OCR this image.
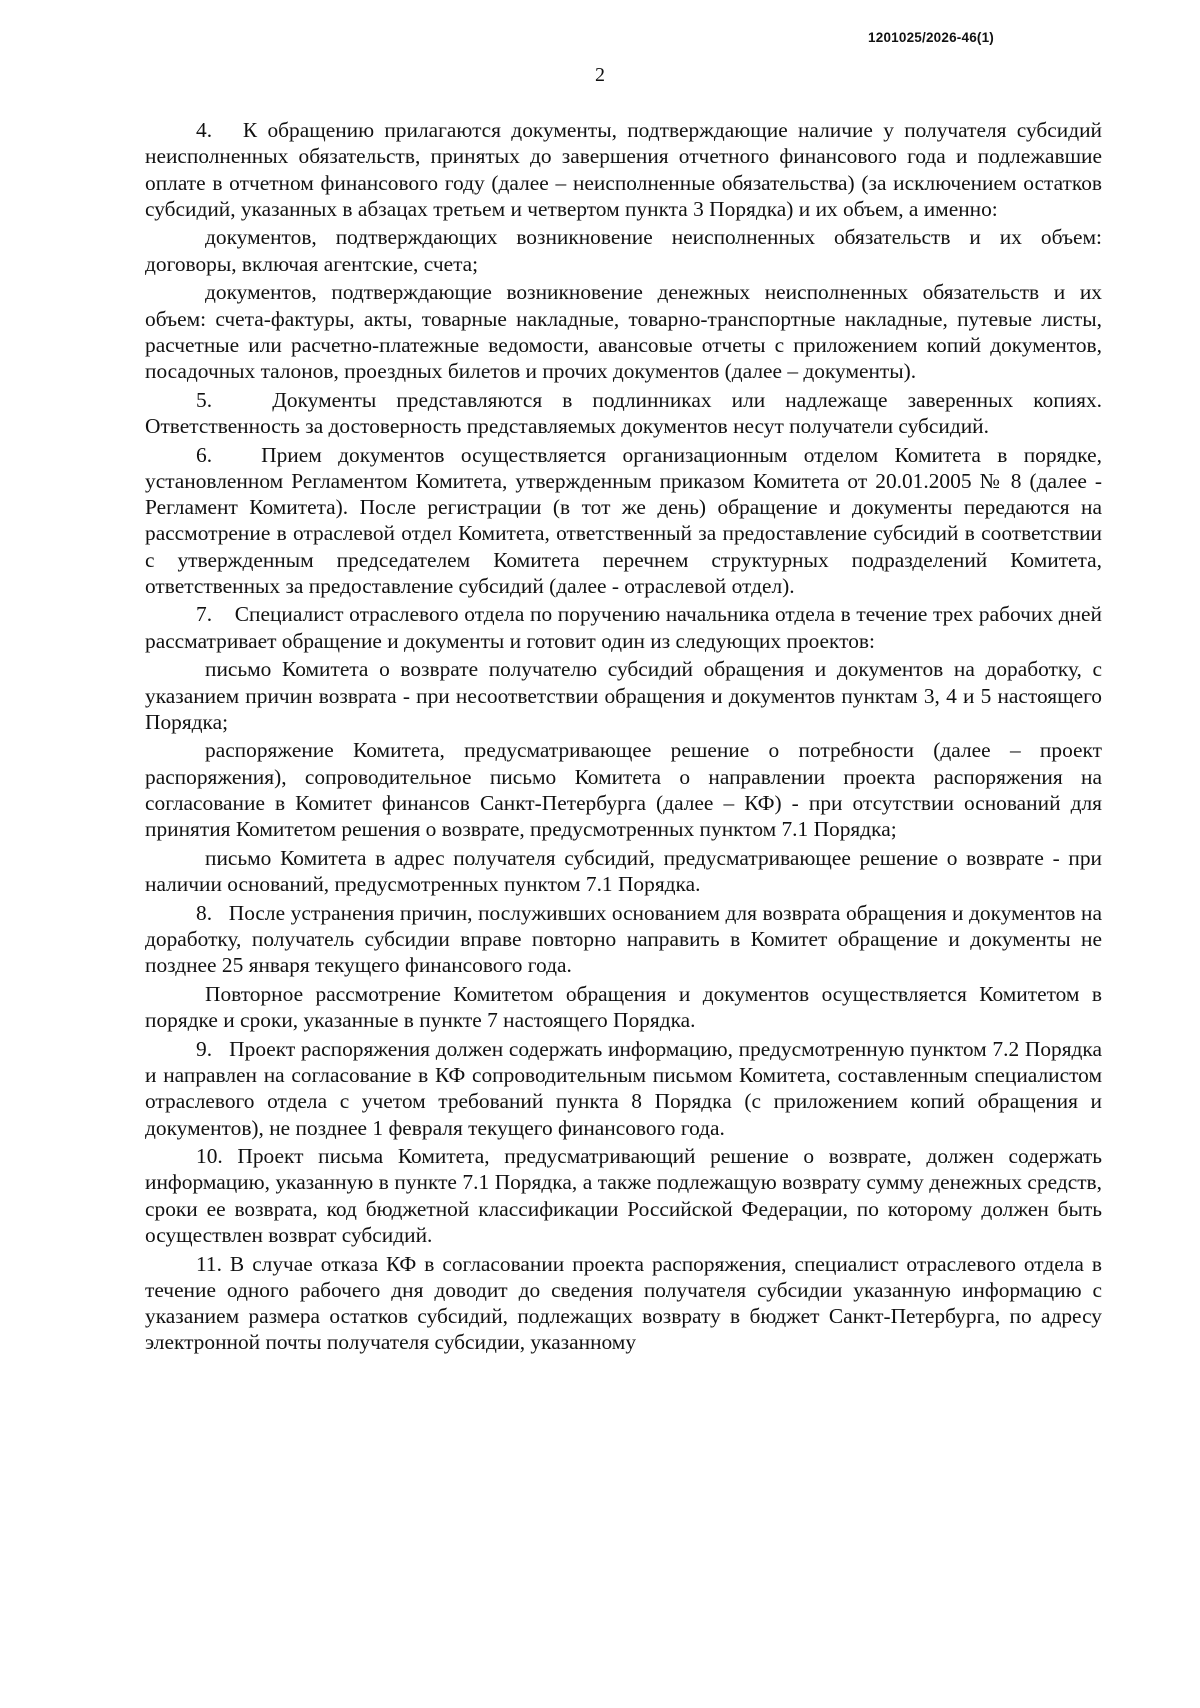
1201025/2026-46(1)
2

4.   К обращению прилагаются документы, подтверждающие наличие у получателя субсидий неисполненных обязательств, принятых до завершения отчетного финансового года и подлежавшие оплате в отчетном финансового году (далее – неисполненные обязательства) (за исключением остатков субсидий, указанных в абзацах третьем и четвертом пункта 3 Порядка) и их объем, а именно:

документов, подтверждающих возникновение неисполненных обязательств и их объем: договоры, включая агентские, счета;

документов, подтверждающие возникновение денежных неисполненных обязательств и их объем: счета-фактуры, акты, товарные накладные, товарно-транспортные накладные, путевые листы, расчетные или расчетно-платежные ведомости, авансовые отчеты с приложением копий документов, посадочных талонов, проездных билетов и прочих документов (далее – документы).

5.   Документы представляются в подлинниках или надлежаще заверенных копиях. Ответственность за достоверность представляемых документов несут получатели субсидий.

6.   Прием документов осуществляется организационным отделом Комитета в порядке, установленном Регламентом Комитета, утвержденным приказом Комитета от 20.01.2005 № 8 (далее - Регламент Комитета). После регистрации (в тот же день) обращение и документы передаются на рассмотрение в отраслевой отдел Комитета, ответственный за предоставление субсидий в соответствии с утвержденным председателем Комитета перечнем структурных подразделений Комитета, ответственных за предоставление субсидий (далее - отраслевой отдел).

7.    Специалист отраслевого отдела по поручению начальника отдела в течение трех рабочих дней рассматривает обращение и документы и готовит один из следующих проектов:

письмо Комитета о возврате получателю субсидий обращения и документов на доработку, с указанием причин возврата - при несоответствии обращения и документов пунктам 3, 4 и 5 настоящего Порядка;

распоряжение Комитета, предусматривающее решение о потребности (далее – проект распоряжения), сопроводительное письмо Комитета о направлении проекта распоряжения на согласование в Комитет финансов Санкт-Петербурга (далее – КФ) - при отсутствии оснований для принятия Комитетом решения о возврате, предусмотренных пунктом 7.1 Порядка;

письмо Комитета в адрес получателя субсидий, предусматривающее решение о возврате - при наличии оснований, предусмотренных пунктом 7.1 Порядка.

8.   После устранения причин, послуживших основанием для возврата обращения и документов на доработку, получатель субсидии вправе повторно направить в Комитет обращение и документы не позднее 25 января текущего финансового года.

Повторное рассмотрение Комитетом обращения и документов осуществляется Комитетом в порядке и сроки, указанные в пункте 7 настоящего Порядка.

9.   Проект распоряжения должен содержать информацию, предусмотренную пунктом 7.2 Порядка и направлен на согласование в КФ сопроводительным письмом Комитета, составленным специалистом отраслевого отдела с учетом требований пункта 8 Порядка (с приложением копий обращения и документов), не позднее 1 февраля текущего финансового года.

10. Проект письма Комитета, предусматривающий решение о возврате, должен содержать информацию, указанную в пункте 7.1 Порядка, а также подлежащую возврату сумму денежных средств, сроки ее возврата, код бюджетной классификации Российской Федерации, по которому должен быть осуществлен возврат субсидий.

11. В случае отказа КФ в согласовании проекта распоряжения, специалист отраслевого отдела в течение одного рабочего дня доводит до сведения получателя субсидии указанную информацию с указанием размера остатков субсидий, подлежащих возврату в бюджет Санкт-Петербурга, по адресу электронной почты получателя субсидии, указанному
